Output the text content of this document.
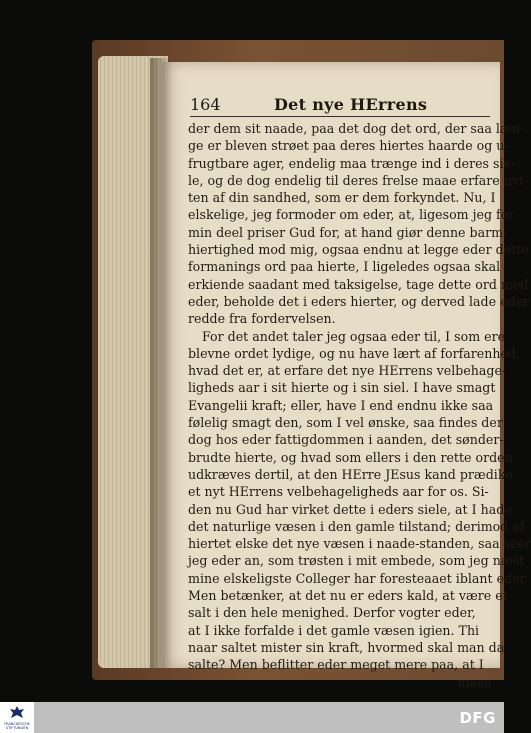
164	Det nye HErrens
der dem sit naade, paa det dog det ord, der saa læn-
ge er bleven strøet paa deres hiertes haarde og u-
frugtbare ager, endelig maa trænge ind i deres sie-
le, og de dog endelig til deres frelse maae erfare nyt-
ten af din sandhed, som er dem forkyndet. Nu, I
elskelige, jeg formoder om eder, at, ligesom jeg for
min deel priser Gud for, at hand giør denne barm-
hiertighed mod mig, ogsaa endnu at legge eder dette
formanings ord paa hierte, I ligeledes ogsaa skal
erkiende saadant med taksigelse, tage dette ord med
eder, beholde det i eders hierter, og derved lade eder
redde fra fordervelsen.
For det andet taler jeg ogsaa eder til, I som ere
blevne ordet lydige, og nu have lært af forfarenhed,
hvad det er, at erfare det nye HErrens velbehage-
ligheds aar i sit hierte og i sin siel. I have smagt
Evangelii kraft; eller, have I end endnu ikke saa
følelig smagt den, som I vel ønske, saa findes der
dog hos eder fattigdommen i aanden, det sønder-
brudte hierte, og hvad som ellers i den rette orden
udkræves dertil, at den HErre JEsus kand prædike
et nyt HErrens velbehageligheds aar for os. Si-
den nu Gud har virket dette i eders siele, at I hade
det naturlige væsen i den gamle tilstand; derimod af
hiertet elske det nye væsen i naade-standen, saa seer
jeg eder an, som trøsten i mit embede, som jeg næst
mine elskeligste Colleger har foresteaaet iblant eder.
Men betænker, at det nu er eders kald, at være et
salt i den hele menighed. Derfor vogter eder,
at I ikke forfalde i det gamle væsen igien. Thi
naar saltet mister sin kraft, hvormed skal man da
salte? Men beflitter eder meget mere paa, at I
maae
FRANCKESCHE STIFTUNGEN
DFG
